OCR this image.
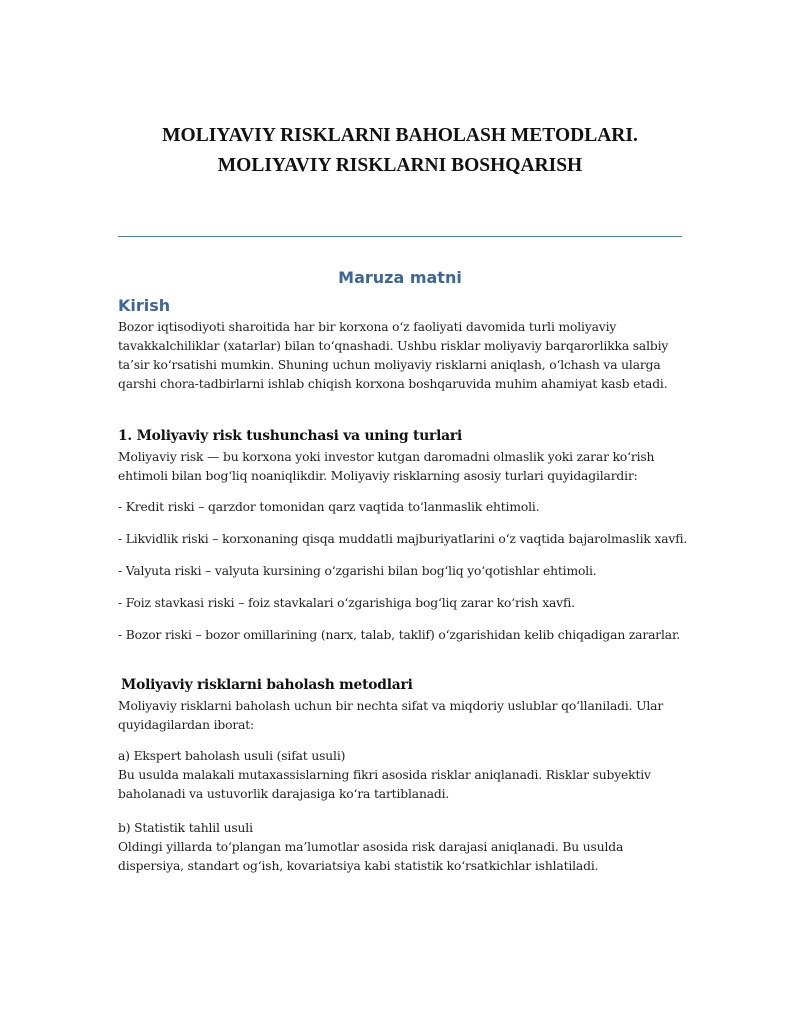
MOLIYAVIY RISKLARNI BAHOLASH METODLARI.
MOLIYAVIY RISKLARNI BOSHQARISH
Maruza matni
Kirish
Bozor iqtisodiyoti sharoitida har bir korxona o‘z faoliyati davomida turli moliyaviy tavakkalchiliklar (xatarlar) bilan to‘qnashadi. Ushbu risklar moliyaviy barqarorlikka salbiy ta’sir ko‘rsatishi mumkin. Shuning uchun moliyaviy risklarni aniqlash, o‘lchash va ularga qarshi chora-tadbirlarni ishlab chiqish korxona boshqaruvida muhim ahamiyat kasb etadi.
1. Moliyaviy risk tushunchasi va uning turlari
Moliyaviy risk — bu korxona yoki investor kutgan daromadni olmaslik yoki zarar ko‘rish ehtimoli bilan bog‘liq noaniqlikdir. Moliyaviy risklarning asosiy turlari quyidagilardir:
- Kredit riski – qarzdor tomonidan qarz vaqtida to‘lanmaslik ehtimoli.
- Likvidlik riski – korxonaning qisqa muddatli majburiyatlarini o‘z vaqtida bajarolmaslik xavfi.
- Valyuta riski – valyuta kursining o‘zgarishi bilan bog‘liq yo‘qotishlar ehtimoli.
- Foiz stavkasi riski – foiz stavkalari o‘zgarishiga bog‘liq zarar ko‘rish xavfi.
- Bozor riski – bozor omillarining (narx, talab, taklif) o‘zgarishidan kelib chiqadigan zararlar.
Moliyaviy risklarni baholash metodlari
Moliyaviy risklarni baholash uchun bir nechta sifat va miqdoriy uslublar qo‘llaniladi. Ular quyidagilardan iborat:
a) Ekspert baholash usuli (sifat usuli)
Bu usulda malakali mutaxassislarning fikri asosida risklar aniqlanadi. Risklar subyektiv baholanadi va ustuvorlik darajasiga ko‘ra tartiblanadi.
b) Statistik tahlil usuli
Oldingi yillarda to‘plangan ma’lumotlar asosida risk darajasi aniqlanadi. Bu usulda dispersiya, standart og‘ish, kovariatsiya kabi statistik ko‘rsatkichlar ishlatiladi.
